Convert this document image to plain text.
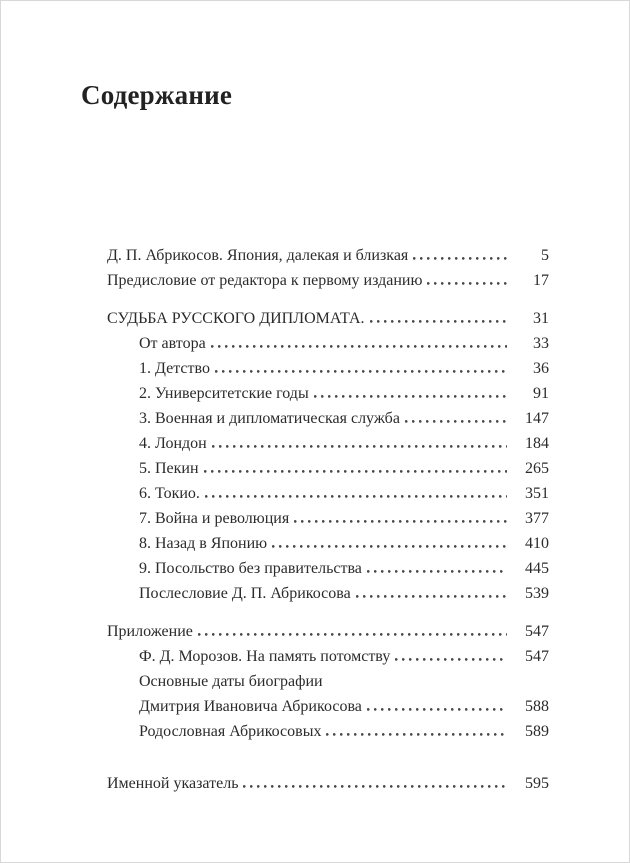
Содержание
Д. П. Абрикосов. Япония, далекая и близкая	5
Предисловие от редактора к первому изданию	17
СУДЬБА РУССКОГО ДИПЛОМАТА.	31
От автора	33
1. Детство	36
2. Университетские годы	91
3. Военная и дипломатическая служба	147
4. Лондон	184
5. Пекин	265
6. Токио.	351
7. Война и революция	377
8. Назад в Японию	410
9. Посольство без правительства	445
Послесловие Д. П. Абрикосова	539
Приложение	547
Ф. Д. Морозов. На память потомству	547
Основные даты биографии
Дмитрия Ивановича Абрикосова	588
Родословная Абрикосовых	589
Именной указатель	595
